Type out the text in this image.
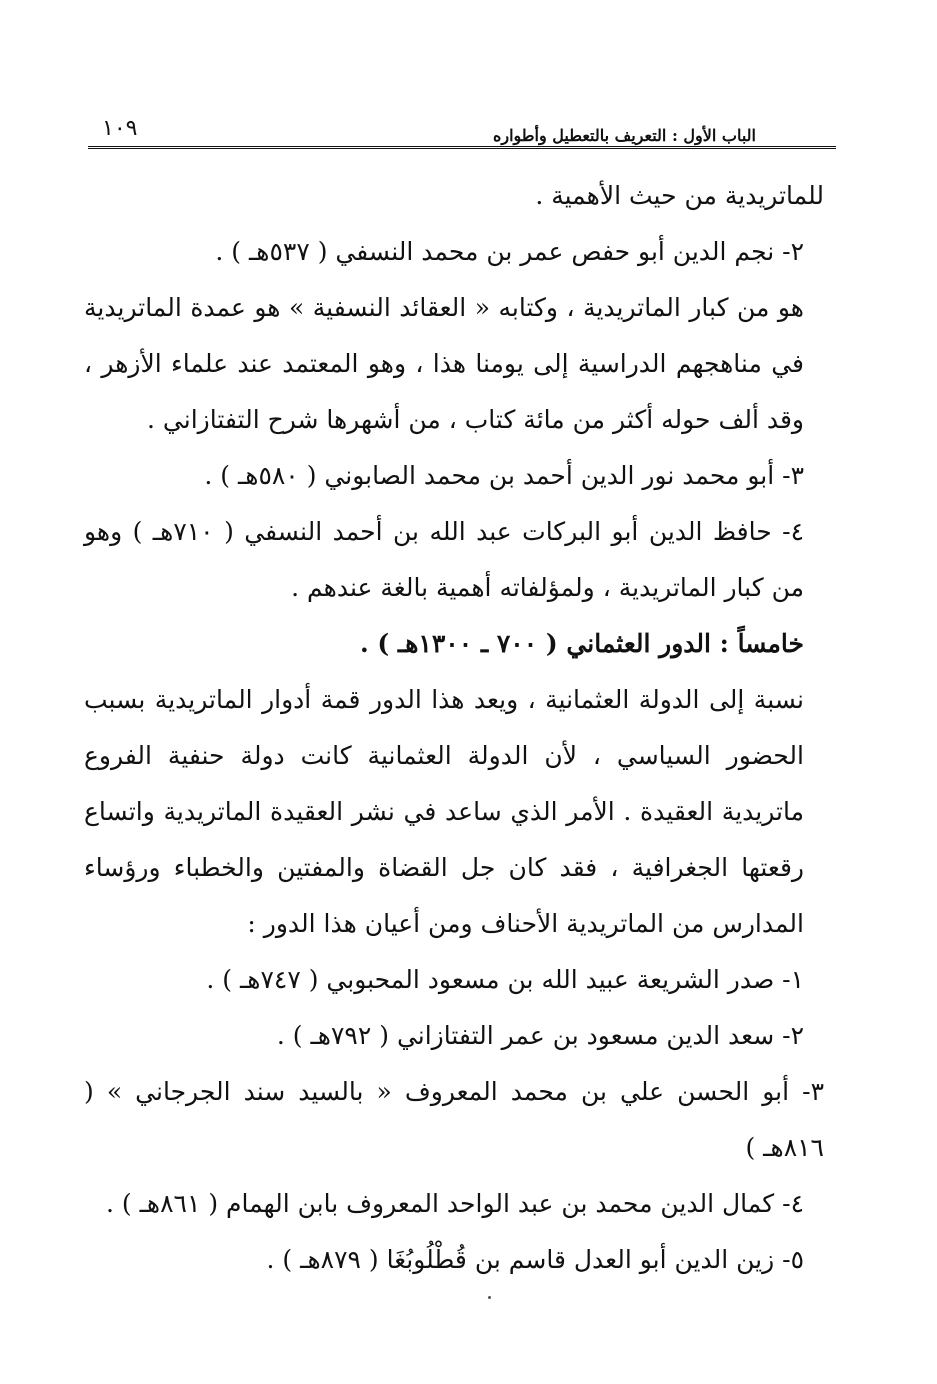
الباب الأول : التعريف بالتعطيل وأطواره
١٠٩

للماتريدية من حيث الأهمية .

٢- نجم الدين أبو حفص عمر بن محمد النسفي ( ٥٣٧هـ ) .

هو من كبار الماتريدية ، وكتابه « العقائد النسفية » هو عمدة الماتريدية في مناهجهم الدراسية إلى يومنا هذا ، وهو المعتمد عند علماء الأزهر ، وقد ألف حوله أكثر من مائة كتاب ، من أشهرها شرح التفتازاني .

٣- أبو محمد نور الدين أحمد بن محمد الصابوني ( ٥٨٠هـ ) .

٤- حافظ الدين أبو البركات عبد الله بن أحمد النسفي ( ٧١٠هـ ) وهو من كبار الماتريدية ، ولمؤلفاته أهمية بالغة عندهم .

خامساً : الدور العثماني ( ٧٠٠ ـ ١٣٠٠هـ ) .

نسبة إلى الدولة العثمانية ، ويعد هذا الدور قمة أدوار الماتريدية بسبب الحضور السياسي ، لأن الدولة العثمانية كانت دولة حنفية الفروع ماتريدية العقيدة . الأمر الذي ساعد في نشر العقيدة الماتريدية واتساع رقعتها الجغرافية ، فقد كان جل القضاة والمفتين والخطباء ورؤساء المدارس من الماتريدية الأحناف ومن أعيان هذا الدور :

١- صدر الشريعة عبيد الله بن مسعود المحبوبي ( ٧٤٧هـ ) .

٢- سعد الدين مسعود بن عمر التفتازاني ( ٧٩٢هـ ) .

٣- أبو الحسن علي بن محمد المعروف « بالسيد سند الجرجاني » ( ٨١٦هـ )

٤- كمال الدين محمد بن عبد الواحد المعروف بابن الهمام ( ٨٦١هـ ) .

٥- زين الدين أبو العدل قاسم بن قُطْلُوبُغَا ( ٨٧٩هـ ) .
